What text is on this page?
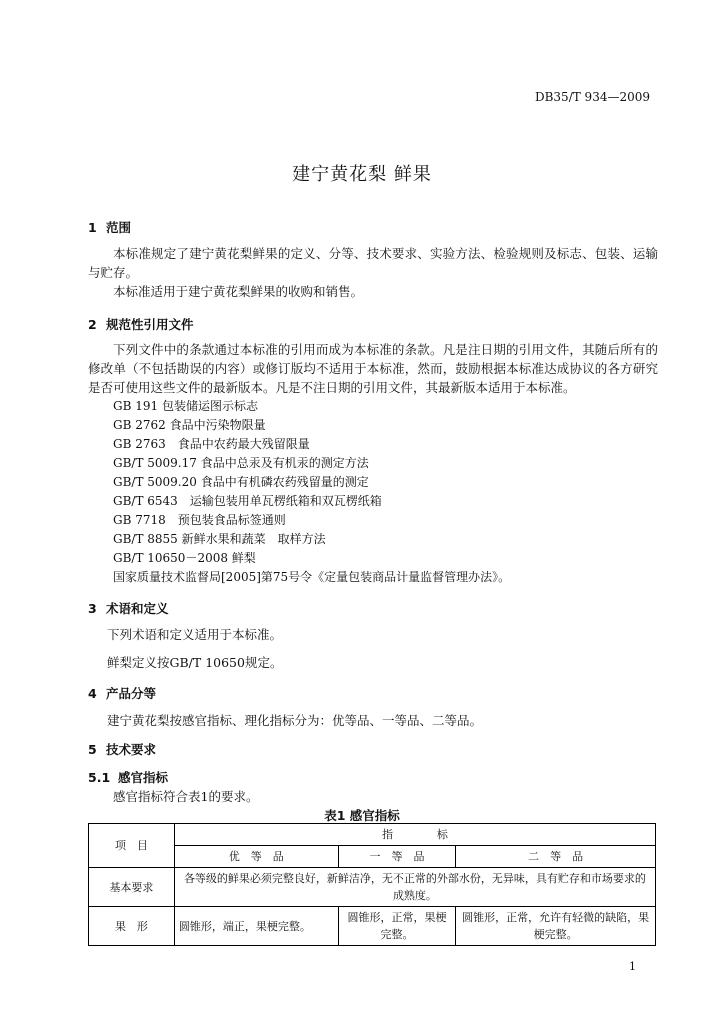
DB35/T 934—2009
建宁黄花梨 鲜果
1 范围
本标准规定了建宁黄花梨鲜果的定义、分等、技术要求、实验方法、检验规则及标志、包装、运输与贮存。
本标准适用于建宁黄花梨鲜果的收购和销售。
2 规范性引用文件
下列文件中的条款通过本标准的引用而成为本标准的条款。凡是注日期的引用文件，其随后所有的修改单（不包括勘误的内容）或修订版均不适用于本标准，然而，鼓励根据本标准达成协议的各方研究是否可使用这些文件的最新版本。凡是不注日期的引用文件，其最新版本适用于本标准。
GB 191 包装储运图示标志
GB 2762 食品中污染物限量
GB 2763　食品中农药最大残留限量
GB/T 5009.17 食品中总汞及有机汞的测定方法
GB/T 5009.20 食品中有机磷农药残留量的测定
GB/T 6543　运输包装用单瓦楞纸箱和双瓦楞纸箱
GB 7718　预包装食品标签通则
GB/T 8855 新鲜水果和蔬菜　取样方法
GB/T 10650－2008 鲜梨
国家质量技术监督局[2005]第75号令《定量包装商品计量监督管理办法》。
3 术语和定义
下列术语和定义适用于本标准。
鲜梨定义按GB/T 10650规定。
4 产品分等
建宁黄花梨按感官指标、理化指标分为：优等品、一等品、二等品。
5 技术要求
5.1 感官指标
感官指标符合表1的要求。
表1 感官指标
项　目	指　　　　标		
	优　等　品	一　等　品	二　等　品
基本要求	各等级的鲜果必须完整良好，新鲜洁净，无不正常的外部水份，无异味，具有贮存和市场要求的成熟度。		
果　形	圆锥形，端正，果梗完整。	圆锥形，正常，果梗完整。	圆锥形，正常，允许有轻微的缺陷，果梗完整。
1
